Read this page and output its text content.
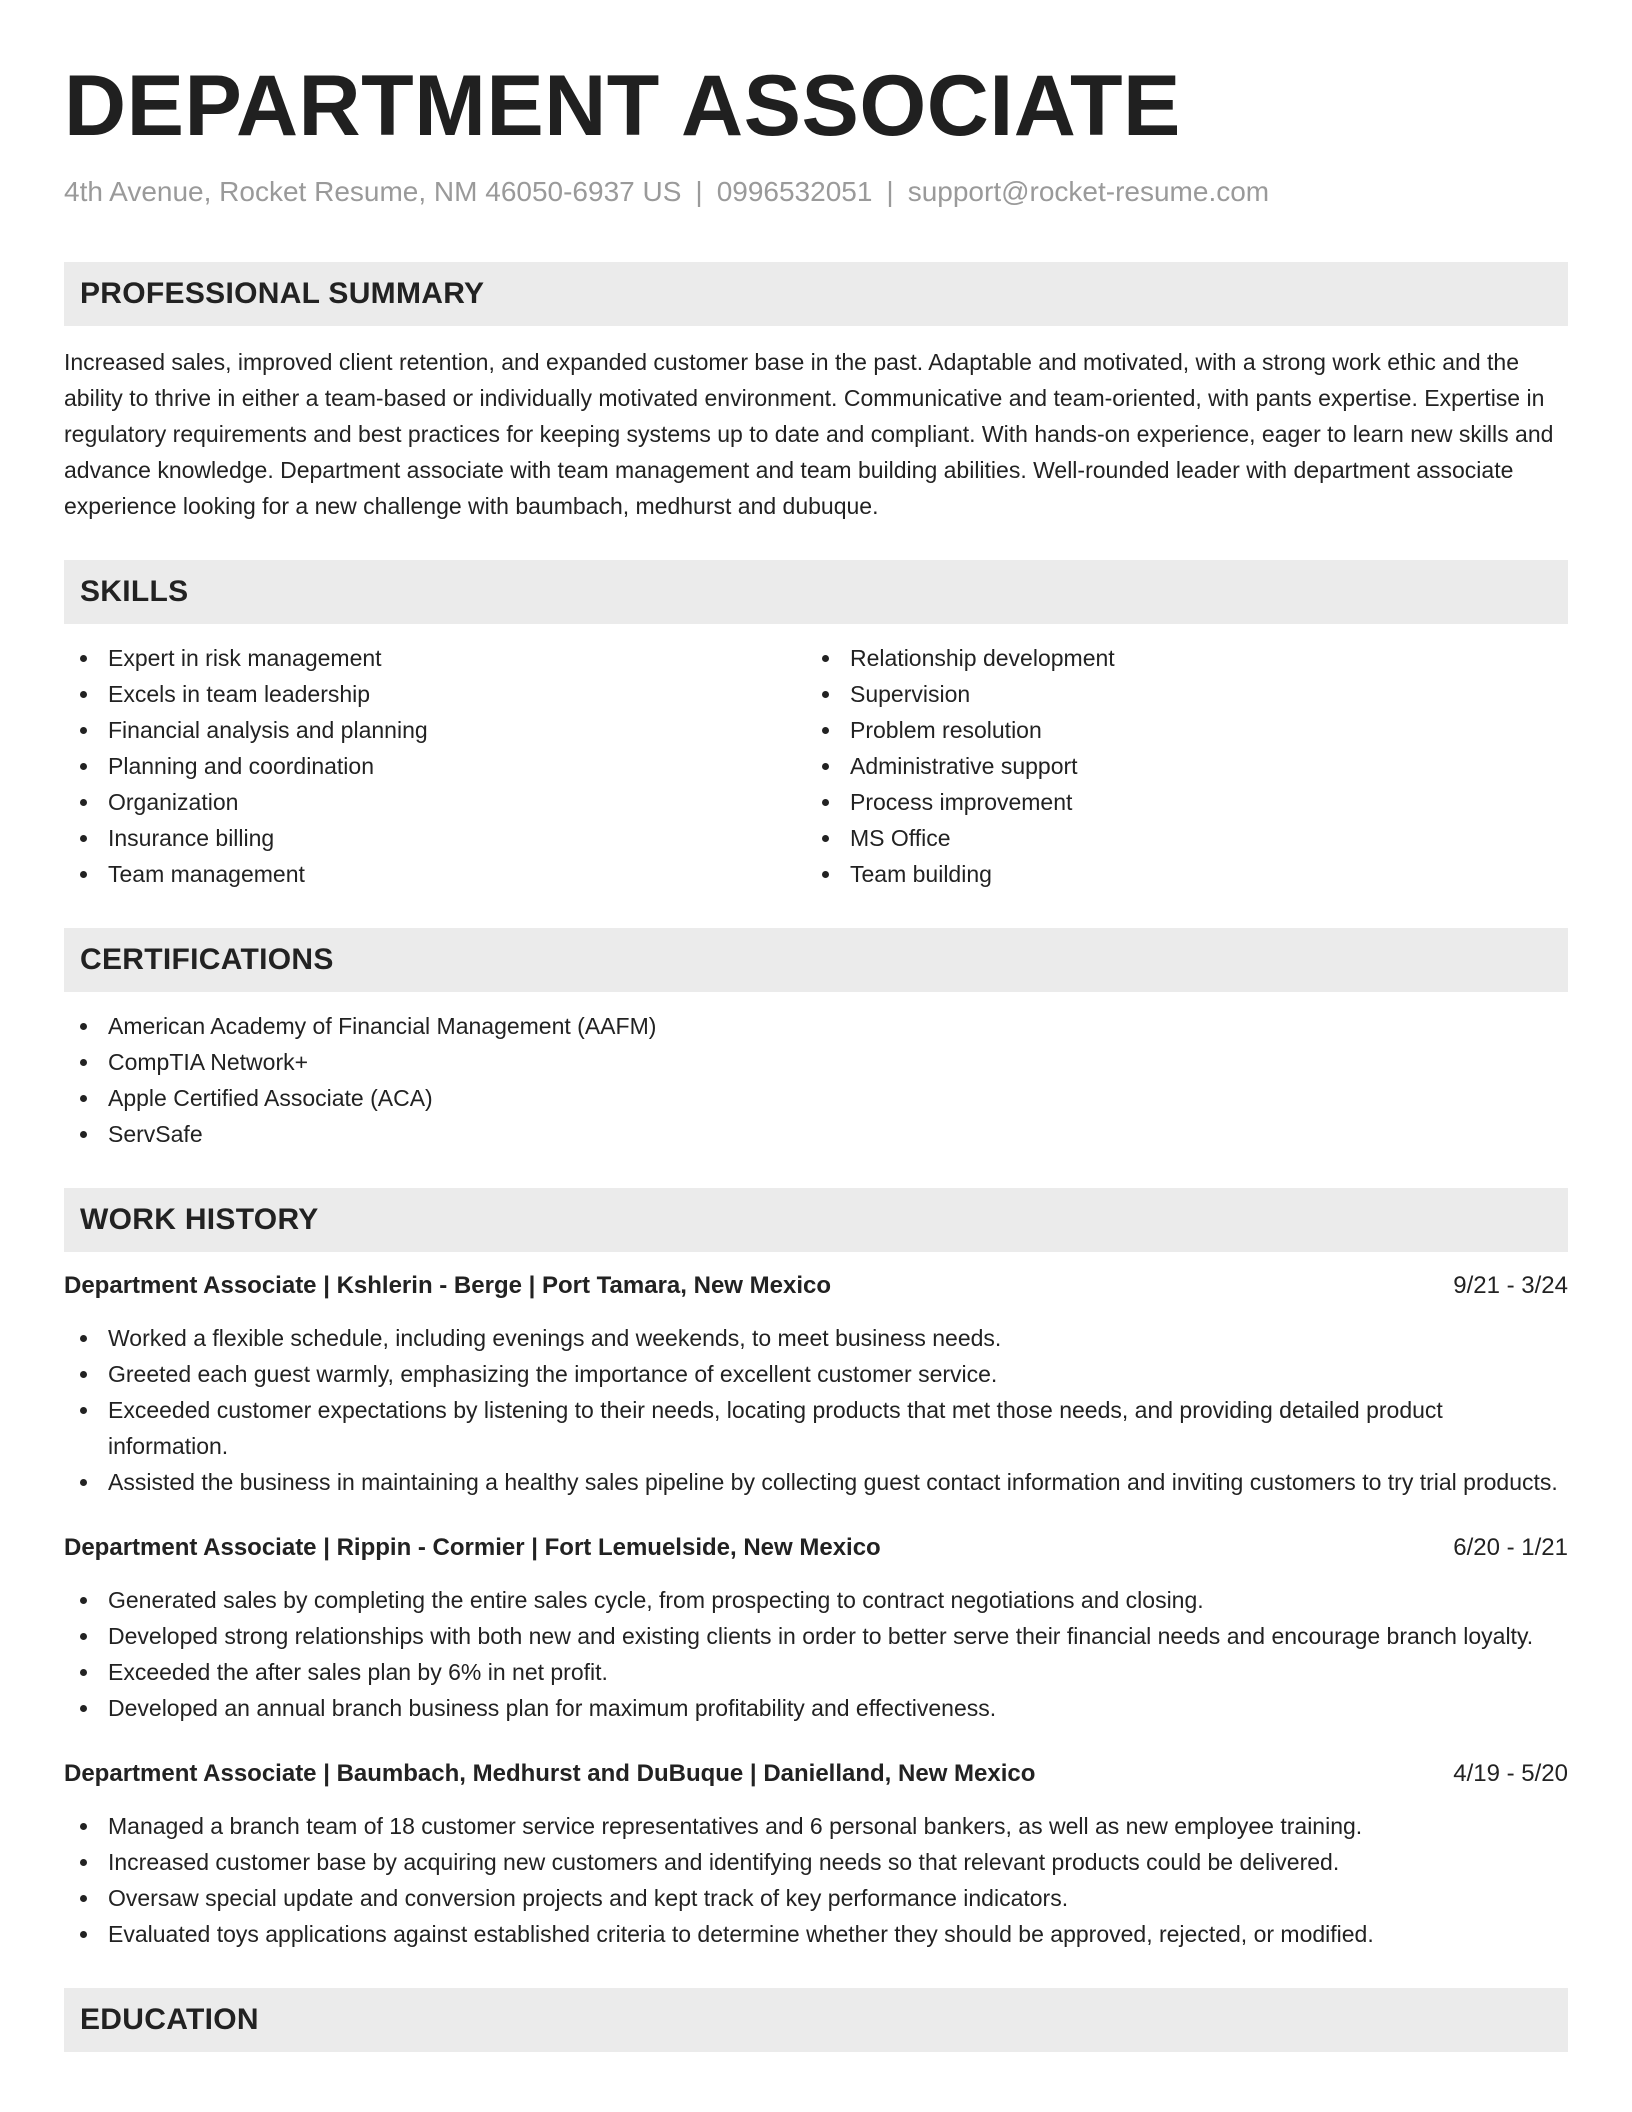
DEPARTMENT ASSOCIATE
4th Avenue, Rocket Resume, NM 46050-6937 US | 0996532051 | support@rocket-resume.com
PROFESSIONAL SUMMARY

Increased sales, improved client retention, and expanded customer base in the past. Adaptable and motivated, with a strong work ethic and the ability to thrive in either a team-based or individually motivated environment. Communicative and team-oriented, with pants expertise. Expertise in regulatory requirements and best practices for keeping systems up to date and compliant. With hands-on experience, eager to learn new skills and advance knowledge. Department associate with team management and team building abilities. Well-rounded leader with department associate experience looking for a new challenge with baumbach, medhurst and dubuque.

SKILLS
Expert in risk management
Excels in team leadership
Financial analysis and planning
Planning and coordination
Organization
Insurance billing
Team management
Relationship development
Supervision
Problem resolution
Administrative support
Process improvement
MS Office
Team building
CERTIFICATIONS
American Academy of Financial Management (AAFM)
CompTIA Network+
Apple Certified Associate (ACA)
ServSafe
WORK HISTORY
Department Associate | Kshlerin - Berge | Port Tamara, New Mexico	9/21 - 3/24
Worked a flexible schedule, including evenings and weekends, to meet business needs.
Greeted each guest warmly, emphasizing the importance of excellent customer service.
Exceeded customer expectations by listening to their needs, locating products that met those needs, and providing detailed product information.
Assisted the business in maintaining a healthy sales pipeline by collecting guest contact information and inviting customers to try trial products.
Department Associate | Rippin - Cormier | Fort Lemuelside, New Mexico	6/20 - 1/21
Generated sales by completing the entire sales cycle, from prospecting to contract negotiations and closing.
Developed strong relationships with both new and existing clients in order to better serve their financial needs and encourage branch loyalty.
Exceeded the after sales plan by 6% in net profit.
Developed an annual branch business plan for maximum profitability and effectiveness.
Department Associate | Baumbach, Medhurst and DuBuque | Danielland, New Mexico	4/19 - 5/20
Managed a branch team of 18 customer service representatives and 6 personal bankers, as well as new employee training.
Increased customer base by acquiring new customers and identifying needs so that relevant products could be delivered.
Oversaw special update and conversion projects and kept track of key performance indicators.
Evaluated toys applications against established criteria to determine whether they should be approved, rejected, or modified.
EDUCATION
